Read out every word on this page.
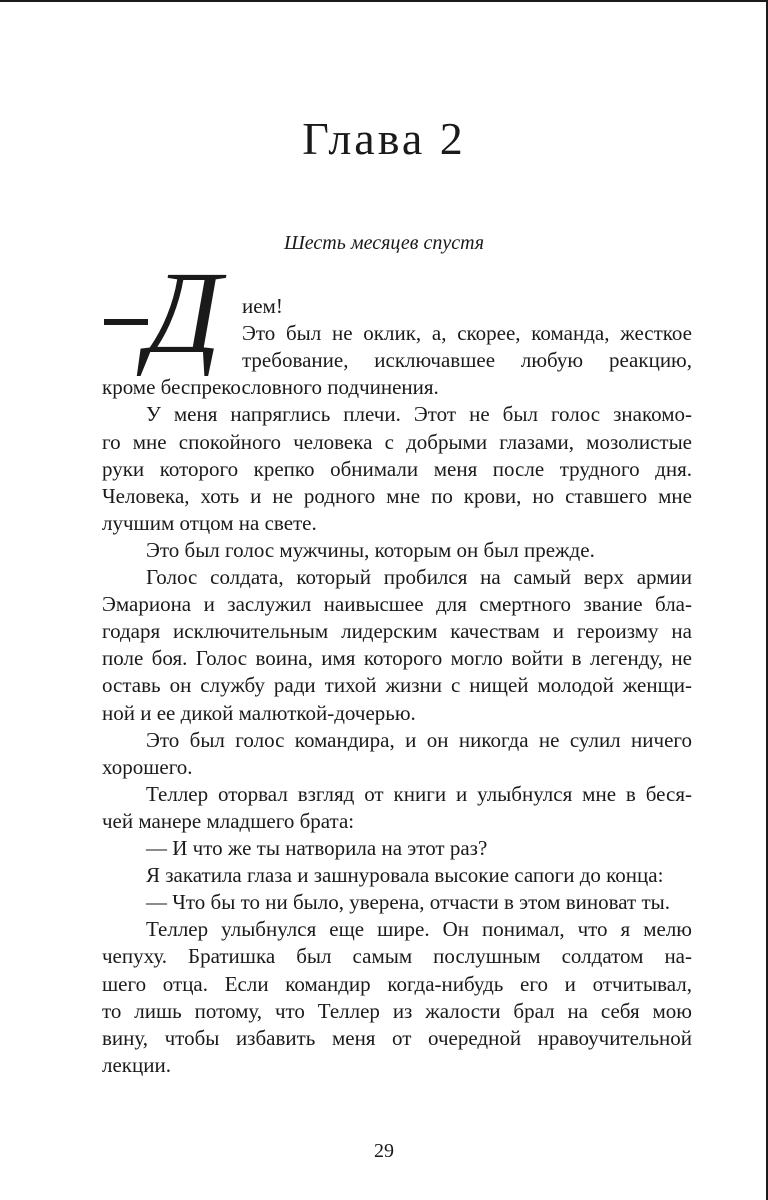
Глава 2

Шесть месяцев спустя

Д ием!
Это был не оклик, а, скорее, команда, жесткое
требование, исключавшее любую реакцию,
кроме беспрекословного подчинения.
У меня напряглись плечи. Этот не был голос знакомо-
го мне спокойного человека с добрыми глазами, мозолистые
руки которого крепко обнимали меня после трудного дня.
Человека, хоть и не родного мне по крови, но ставшего мне
лучшим отцом на свете.
Это был голос мужчины, которым он был прежде.
Голос солдата, который пробился на самый верх армии
Эмариона и заслужил наивысшее для смертного звание бла-
годаря исключительным лидерским качествам и героизму на
поле боя. Голос воина, имя которого могло войти в легенду, не
оставь он службу ради тихой жизни с нищей молодой женщи-
ной и ее дикой малюткой-дочерью.
Это был голос командира, и он никогда не сулил ничего
хорошего.
Теллер оторвал взгляд от книги и улыбнулся мне в беся-
чей манере младшего брата:
— И что же ты натворила на этот раз?
Я закатила глаза и зашнуровала высокие сапоги до конца:
— Что бы то ни было, уверена, отчасти в этом виноват ты.
Теллер улыбнулся еще шире. Он понимал, что я мелю
чепуху. Братишка был самым послушным солдатом на-
шего отца. Если командир когда-нибудь его и отчитывал,
то лишь потому, что Теллер из жалости брал на себя мою
вину, чтобы избавить меня от очередной нравоучительной
лекции.
29
